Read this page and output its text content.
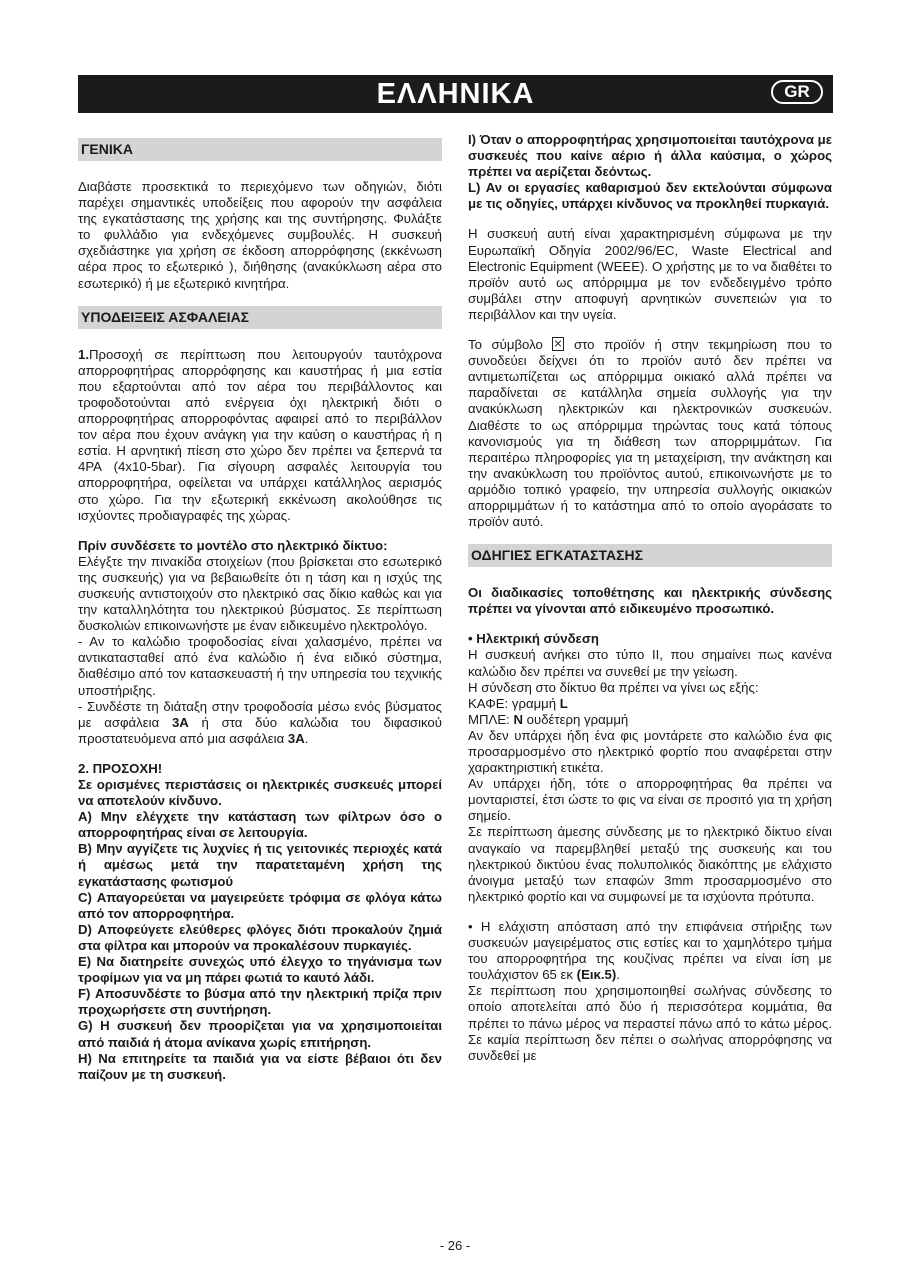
ΕΛΛΗΝΙΚΑ	GR
ΓΕΝΙΚΑ

Διαβάστε προσεκτικά το περιεχόμενο των οδηγιών, διότι παρέχει σημαντικές υποδείξεις που αφορούν την ασφάλεια της εγκατάστασης της χρήσης και της συντήρησης. Φυλάξτε το φυλλάδιο για ενδεχόμενες συμβουλές. Η συσκευή σχεδιάστηκε για χρήση σε έκδοση απορρόφησης (εκκένωση αέρα προς το εξωτερικό ), διήθησης (ανακύκλωση αέρα στο εσωτερικό) ή με εξωτερικό κινητήρα.

ΥΠΟΔΕΙΞΕΙΣ ΑΣΦΑΛΕΙΑΣ

1.Προσοχή σε περίπτωση που λειτουργούν ταυτόχρονα απορροφητήρας απορρόφησης και καυστήρας ή μια εστία που εξαρτούνται από τον αέρα του περιβάλλοντος και τροφοδοτούνται από ενέργεια όχι ηλεκτρική διότι ο απορροφητήρας απορροφόντας αφαιρεί από το περιβάλλον τον αέρα που έχουν ανάγκη για την καύση ο καυστήρας ή η εστία. Η αρνητική πίεση στο χώρο δεν πρέπει να ξεπερνά τα 4PA (4x10-5bar). Για σίγουρη ασφαλές λειτουργία του απορροφητήρα, οφείλεται να υπάρχει κατάλληλος αερισμός στο χώρο. Για την εξωτερική εκκένωση ακολούθησε τις ισχύοντες προδιαγραφές της χώρας.

Πρίν συνδέσετε το μοντέλο στο ηλεκτρικό δίκτυο:
Ελέγξτε την πινακίδα στοιχείων (που βρίσκεται στο εσωτερικό της συσκευής) για να βεβαιωθείτε ότι η τάση και η ισχύς της συσκευής αντιστοιχούν στο ηλεκτρικό σας δίκιο καθώς και για την καταλληλότητα του ηλεκτρικού βύσματος. Σε περίπτωση δυσκολιών επικοινωνήστε με έναν ειδικευμένο ηλεκτρολόγο.
- Αν το καλώδιο τροφοδοσίας είναι χαλασμένο, πρέπει να αντικατασταθεί από ένα καλώδιο ή ένα ειδικό σύστημα, διαθέσιμο από τον κατασκευαστή ή την υπηρεσία του τεχνικής υποστήριξης.
- Συνδέστε τη διάταξη στην τροφοδοσία μέσω ενός βύσματος με ασφάλεια 3A ή στα δύο καλώδια του διφασικού προστατευόμενα από μια ασφάλεια 3A.

2. ΠΡΟΣΟΧΗ!
Σε ορισμένες περιστάσεις οι ηλεκτρικές συσκευές μπορεί να αποτελούν κίνδυνο.
A) Μην ελέγχετε την κατάσταση των φίλτρων όσο ο απορροφητήρας είναι σε λειτουργία.
B) Μην αγγίζετε τις λυχνίες ή τις γειτονικές περιοχές κατά ή αμέσως μετά την παρατεταμένη χρήση της εγκατάστασης φωτισμού
C) Απαγορεύεται να μαγειρεύετε τρόφιμα σε φλόγα κάτω από τον απορροφητήρα.
D) Αποφεύγετε ελεύθερες φλόγες διότι προκαλούν ζημιά στα φίλτρα και μπορούν να προκαλέσουν πυρκαγιές.
E) Να διατηρείτε συνεχώς υπό έλεγχο το τηγάνισμα των τροφίμων για να μη πάρει φωτιά το καυτό λάδι.
F) Αποσυνδέστε το βύσμα από την ηλεκτρική πρίζα πριν προχωρήσετε στη συντήρηση.
G) Η συσκευή δεν προορίζεται για να χρησιμοποιείται από παιδιά ή άτομα ανίκανα χωρίς επιτήρηση.
H) Να επιτηρείτε τα παιδιά για να είστε βέβαιοι ότι δεν παίζουν με τη συσκευή.

I) Όταν ο απορροφητήρας χρησιμοποιείται ταυτόχρονα με συσκευές που καίνε αέριο ή άλλα καύσιμα, ο χώρος πρέπει να αερίζεται δεόντως.
L) Αν οι εργασίες καθαρισμού δεν εκτελούνται σύμφωνα με τις οδηγίες, υπάρχει κίνδυνος να προκληθεί πυρκαγιά.

Η συσκευή αυτή είναι χαρακτηρισμένη σύμφωνα με την Ευρωπαϊκή Οδηγία 2002/96/EC, Waste Electrical and Electronic Equipment (WEEE). Ο χρήστης με το να διαθέτει το προϊόν αυτό ως απόρριμμα με τον ενδεδειγμένο τρόπο συμβάλει στην αποφυγή αρνητικών συνεπειών για το περιβάλλον και την υγεία.

Το σύμβολο  στο προϊόν ή στην τεκμηρίωση που το συνοδεύει δείχνει ότι το προϊόν αυτό δεν πρέπει να αντιμετωπίζεται ως απόρριμμα οικιακό αλλά πρέπει να παραδίνεται σε κατάλληλα σημεία συλλογής για την ανακύκλωση ηλεκτρικών και ηλεκτρονικών συσκευών. Διαθέστε το ως απόρριμμα τηρώντας τους κατά τόπους κανονισμούς για τη διάθεση των απορριμμάτων. Για περαιτέρω πληροφορίες για τη μεταχείριση, την ανάκτηση και την ανακύκλωση του προϊόντος αυτού, επικοινωνήστε με το αρμόδιο τοπικό γραφείο, την υπηρεσία συλλογής οικιακών απορριμμάτων ή το κατάστημα από το οποίο αγοράσατε το προϊόν αυτό.

ΟΔΗΓΙΕΣ ΕΓΚΑΤΑΣΤΑΣΗΣ

Οι διαδικασίες τοποθέτησης και ηλεκτρικής σύνδεσης πρέπει να γίνονται από ειδικευμένο προσωπικό.

• Ηλεκτρική σύνδεση
Η συσκευή ανήκει στο τύπο II, που σημαίνει πως κανένα καλώδιο δεν πρέπει να συνεθεί με την γείωση.
Η σύνδεση στο δίκτυο θα πρέπει να γίνει ως εξής:
ΚΑΦΕ: γραμμή L
ΜΠΛΕ: N ουδέτερη γραμμή
Αν δεν υπάρχει ήδη ένα φις μοντάρετε στο καλώδιο ένα φις προσαρμοσμένο στο ηλεκτρικό φορτίο που αναφέρεται στην χαρακτηριστική ετικέτα.
Αν υπάρχει ήδη, τότε ο απορροφητήρας θα πρέπει να μονταριστεί, έτσι ώστε το φις να είναι σε προσιτό για τη χρήση σημείο.
Σε περίπτωση άμεσης σύνδεσης με το ηλεκτρικό δίκτυο είναι αναγκαίο να παρεμβληθεί μεταξύ της συσκευής και του ηλεκτρικού δικτύου ένας πολυπολικός διακόπτης με ελάχιστο άνοιγμα μεταξύ των επαφών 3mm προσαρμοσμένο στο ηλεκτρικό φορτίο και να συμφωνεί με τα ισχύοντα πρότυπα.

• Η ελάχιστη απόσταση από την επιφάνεια στήριξης των συσκευών μαγειρέματος στις εστίες και το χαμηλότερο τμήμα του απορροφητήρα της κουζίνας πρέπει να είναι ίση με τουλάχιστον 65 εκ (Εικ.5).
Σε περίπτωση που χρησιμοποιηθεί σωλήνας σύνδεσης το οποίο αποτελείται από δύο ή περισσότερα κομμάτια, θα πρέπει το πάνω μέρος να περαστεί πάνω από το κάτω μέρος. Σε καμία περίπτωση δεν πέπει ο σωλήνας απορρόφησης να συνδεθεί με

- 26 -
